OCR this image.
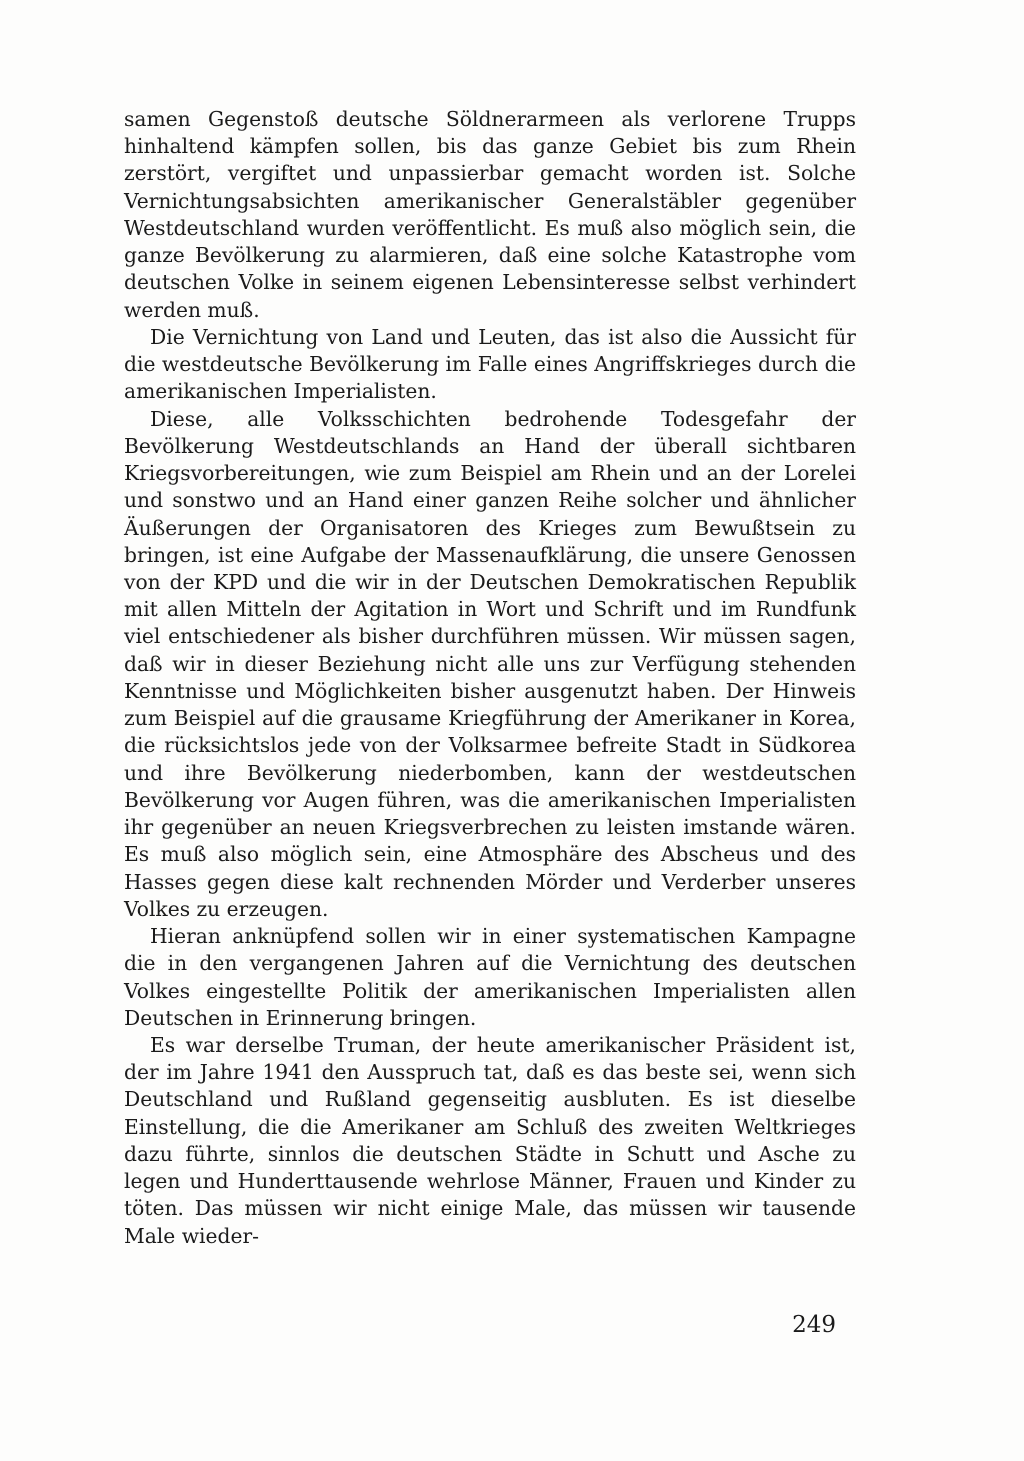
samen Gegenstoß deutsche Söldnerarmeen als verlorene Trupps hinhaltend kämpfen sollen, bis das ganze Gebiet bis zum Rhein zerstört, vergiftet und unpassierbar gemacht worden ist. Solche Vernichtungsabsichten amerikanischer Generalstäbler gegenüber Westdeutschland wurden veröffentlicht. Es muß also möglich sein, die ganze Bevölkerung zu alarmieren, daß eine solche Katastrophe vom deutschen Volke in seinem eigenen Lebensinteresse selbst verhindert werden muß.

Die Vernichtung von Land und Leuten, das ist also die Aussicht für die westdeutsche Bevölkerung im Falle eines Angriffskrieges durch die amerikanischen Imperialisten.

Diese, alle Volksschichten bedrohende Todesgefahr der Bevölkerung Westdeutschlands an Hand der überall sichtbaren Kriegsvorbereitungen, wie zum Beispiel am Rhein und an der Lorelei und sonstwo und an Hand einer ganzen Reihe solcher und ähnlicher Äußerungen der Organisatoren des Krieges zum Bewußtsein zu bringen, ist eine Aufgabe der Massenaufklärung, die unsere Genossen von der KPD und die wir in der Deutschen Demokratischen Republik mit allen Mitteln der Agitation in Wort und Schrift und im Rundfunk viel entschiedener als bisher durchführen müssen. Wir müssen sagen, daß wir in dieser Beziehung nicht alle uns zur Verfügung stehenden Kenntnisse und Möglichkeiten bisher ausgenutzt haben. Der Hinweis zum Beispiel auf die grausame Kriegführung der Amerikaner in Korea, die rücksichtslos jede von der Volksarmee befreite Stadt in Südkorea und ihre Bevölkerung niederbomben, kann der westdeutschen Bevölkerung vor Augen führen, was die amerikanischen Imperialisten ihr gegenüber an neuen Kriegsverbrechen zu leisten imstande wären. Es muß also möglich sein, eine Atmosphäre des Abscheus und des Hasses gegen diese kalt rechnenden Mörder und Verderber unseres Volkes zu erzeugen.

Hieran anknüpfend sollen wir in einer systematischen Kampagne die in den vergangenen Jahren auf die Vernichtung des deutschen Volkes eingestellte Politik der amerikanischen Imperialisten allen Deutschen in Erinnerung bringen.

Es war derselbe Truman, der heute amerikanischer Präsident ist, der im Jahre 1941 den Ausspruch tat, daß es das beste sei, wenn sich Deutschland und Rußland gegenseitig ausbluten. Es ist dieselbe Einstellung, die die Amerikaner am Schluß des zweiten Weltkrieges dazu führte, sinnlos die deutschen Städte in Schutt und Asche zu legen und Hunderttausende wehrlose Männer, Frauen und Kinder zu töten. Das müssen wir nicht einige Male, das müssen wir tausende Male wieder-

249
